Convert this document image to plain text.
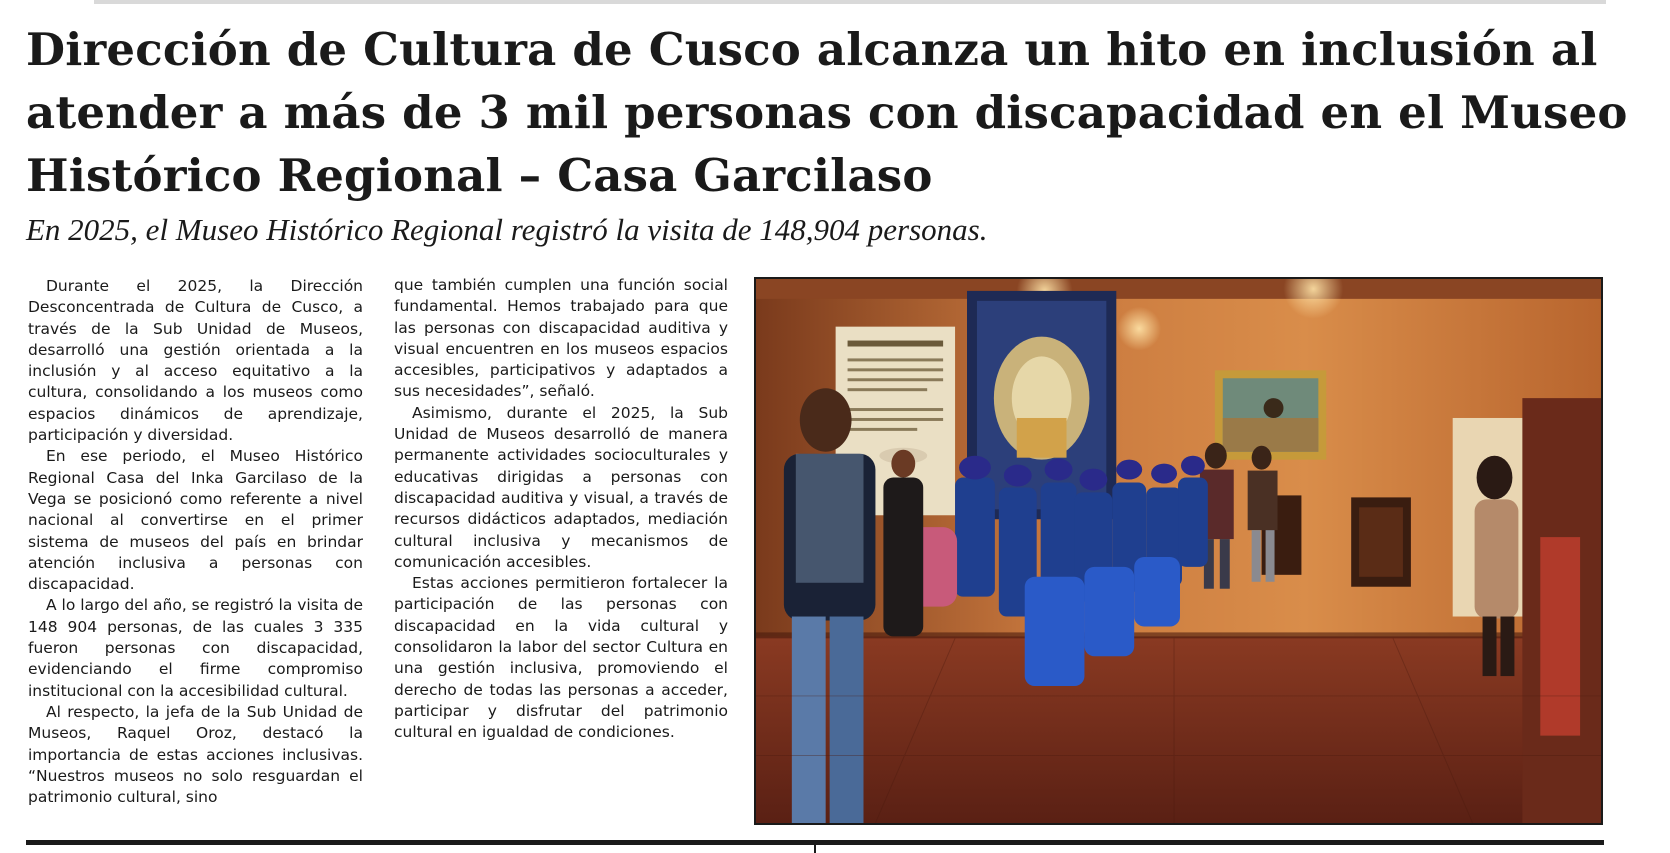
Dirección de Cultura de Cusco alcanza un hito en inclusión al atender a más de 3 mil personas con discapacidad en el Museo Histórico Regional – Casa Garcilaso
En 2025, el Museo Histórico Regional registró la visita de 148,904 personas.

Durante el 2025, la Dirección Desconcentrada de Cultura de Cusco, a través de la Sub Unidad de Museos, desarrolló una gestión orientada a la inclusión y al acceso equitativo a la cultura, consolidando a los museos como espacios dinámicos de aprendizaje, participación y diversidad.

En ese periodo, el Museo Histórico Regional Casa del Inka Garcilaso de la Vega se posicionó como referente a nivel nacional al convertirse en el primer sistema de museos del país en brindar atención inclusiva a personas con discapacidad.

A lo largo del año, se registró la visita de 148 904 personas, de las cuales 3 335 fueron personas con discapacidad, evidenciando el firme compromiso institucional con la accesibilidad cultural.

Al respecto, la jefa de la Sub Unidad de Museos, Raquel Oroz, destacó la importancia de estas acciones inclusivas. “Nuestros museos no solo resguardan el patrimonio cultural, sino

que también cumplen una función social fundamental. Hemos trabajado para que las personas con discapacidad auditiva y visual encuentren en los museos espacios accesibles, participativos y adaptados a sus necesidades”, señaló.

Asimismo, durante el 2025, la Sub Unidad de Museos desarrolló de manera permanente actividades socioculturales y educativas dirigidas a personas con discapacidad auditiva y visual, a través de recursos didácticos adaptados, mediación cultural inclusiva y mecanismos de comunicación accesibles.

Estas acciones permitieron fortalecer la participación de las personas con discapacidad en la vida cultural y consolidaron la labor del sector Cultura en una gestión inclusiva, promoviendo el derecho de todas las personas a acceder, participar y disfrutar del patrimonio cultural en igualdad de condiciones.
